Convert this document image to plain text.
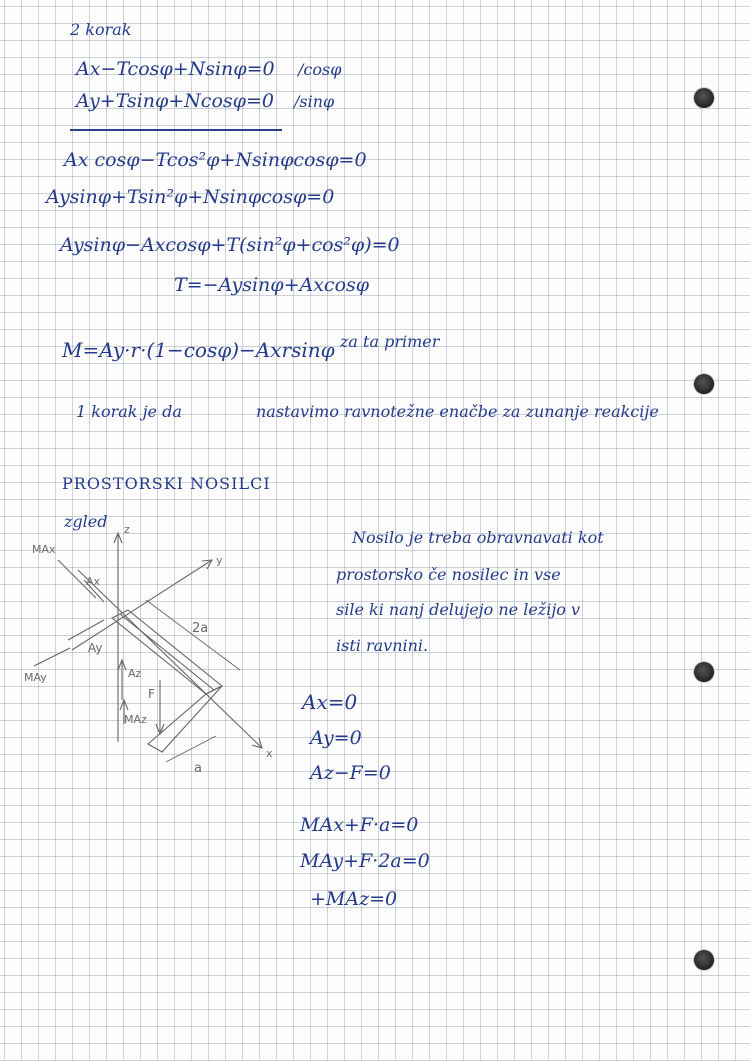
2 korak
Ax−Tcosφ+Nsinφ=0 /cosφ
Ay+Tsinφ+Ncosφ=0 /sinφ
Ax cosφ−Tcos²φ+Nsinφcosφ=0
Aysinφ+Tsin²φ+Nsinφcosφ=0
Aysinφ−Axcosφ+T(sin²φ+cos²φ)=0
T=−Aysinφ+Axcosφ
M=Ay·r·(1−cosφ)−Axrsinφ za ta primer
1 korak je da	nastavimo ravnotežne enačbe za zunanje reakcije
PROSTORSKI NOSILCI
zgled
Nosilo je treba obravnavati kot
prostorsko če nosilec in vse
sile ki nanj delujejo ne ležijo v
isti ravnini.
Ax=0
Ay=0
Az−F=0
MAx+F·a=0
MAy+F·2a=0
+MAz=0
z
y
x
2a
a
Ay
Az
F
MAz
MAy
Ax
MAx
